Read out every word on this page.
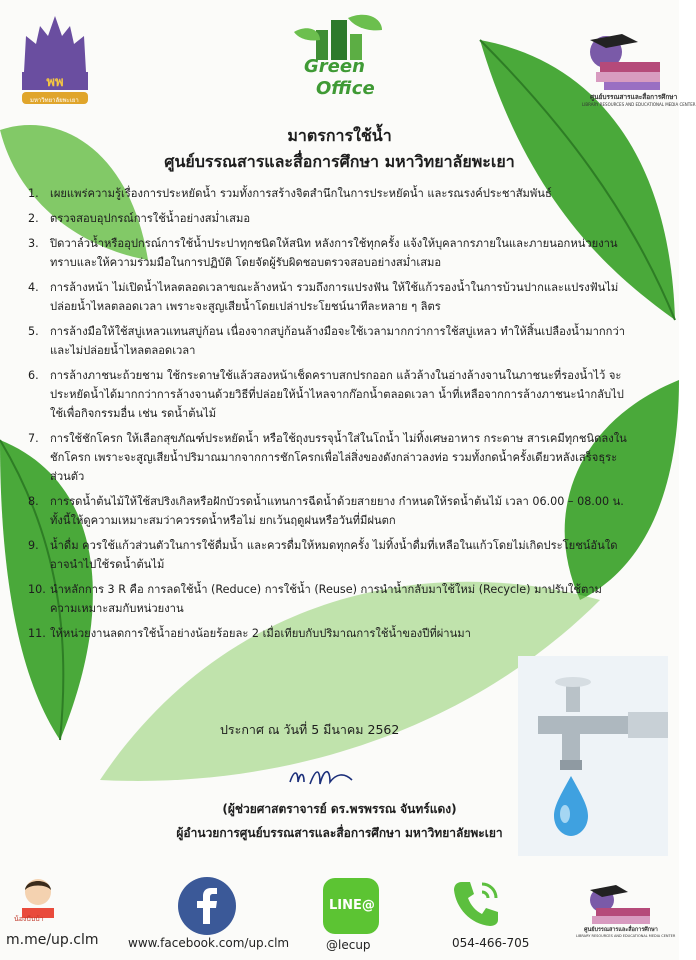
พพ
มหาวิทยาลัยพะเยา
Green
Office	ศูนย์บรรณสารและสื่อการศึกษา
LIBRARY RESOURCES AND EDUCATIONAL MEDIA CENTER
มาตรการใช้น้ำ
ศูนย์บรรณสารและสื่อการศึกษา มหาวิทยาลัยพะเยา
1.	เผยแพร่ความรู้เรื่องการประหยัดน้ำ รวมทั้งการสร้างจิตสำนึกในการประหยัดน้ำ และรณรงค์ประชาสัมพันธ์
2.	ตรวจสอบอุปกรณ์การใช้น้ำอย่างสม่ำเสมอ
3.	ปิดวาล์วน้ำหรืออุปกรณ์การใช้น้ำประปาทุกชนิดให้สนิท หลังการใช้ทุกครั้ง แจ้งให้บุคลากรภายในและภายนอกหน่วยงานทราบและให้ความร่วมมือในการปฏิบัติ โดยจัดผู้รับผิดชอบตรวจสอบอย่างสม่ำเสมอ
4.	การล้างหน้า ไม่เปิดน้ำไหลตลอดเวลาขณะล้างหน้า รวมถึงการแปรงฟัน ให้ใช้แก้วรองน้ำในการบ้วนปากและแปรงฟันไม่ปล่อยน้ำไหลตลอดเวลา เพราะจะสูญเสียน้ำโดยเปล่าประโยชน์นาทีละหลาย ๆ ลิตร
5.	การล้างมือให้ใช้สบู่เหลวแทนสบู่ก้อน เนื่องจากสบู่ก้อนล้างมือจะใช้เวลามากกว่าการใช้สบู่เหลว ทำให้สิ้นเปลืองน้ำมากกว่าและไม่ปล่อยน้ำไหลตลอดเวลา
6.	การล้างภาชนะถ้วยชาม ใช้กระดาษใช้แล้วสองหน้าเช็ดคราบสกปรกออก แล้วล้างในอ่างล้างจานในภาชนะที่รองน้ำไว้ จะประหยัดน้ำได้มากกว่าการล้างจานด้วยวิธีที่ปล่อยให้น้ำไหลจากก๊อกน้ำตลอดเวลา น้ำที่เหลือจากการล้างภาชนะนำกลับไปใช้เพื่อกิจกรรมอื่น เช่น รดน้ำต้นไม้
7.	การใช้ชักโครก ให้เลือกสุขภัณฑ์ประหยัดน้ำ หรือใช้ถุงบรรจุน้ำใส่ในโถน้ำ ไม่ทิ้งเศษอาหาร กระดาษ สารเคมีทุกชนิดลงในชักโครก เพราะจะสูญเสียน้ำปริมาณมากจากการชักโครกเพื่อไล่สิ่งของดังกล่าวลงท่อ รวมทั้งกดน้ำครั้งเดียวหลังเสร็จธุระส่วนตัว
8.	การรดน้ำต้นไม้ให้ใช้สปริงเกิลหรือฝักบัวรดน้ำแทนการฉีดน้ำด้วยสายยาง กำหนดให้รดน้ำต้นไม้ เวลา 06.00 – 08.00 น. ทั้งนี้ให้ดูความเหมาะสมว่าควรรดน้ำหรือไม่ ยกเว้นฤดูฝนหรือวันที่มีฝนตก
9.	น้ำดื่ม ควรใช้แก้วส่วนตัวในการใช้ดื่มน้ำ และควรดื่มให้หมดทุกครั้ง ไม่ทิ้งน้ำดื่มที่เหลือในแก้วโดยไม่เกิดประโยชน์อันใด อาจนำไปใช้รดน้ำต้นไม้
10. นำหลักการ 3 R คือ การลดใช้น้ำ (Reduce) การใช้น้ำ (Reuse) การนำน้ำกลับมาใช้ใหม่ (Recycle) มาปรับใช้ตามความเหมาะสมกับหน่วยงาน
11. ให้หน่วยงานลดการใช้น้ำอย่างน้อยร้อยละ 2 เมื่อเทียบกับปริมาณการใช้น้ำของปีที่ผ่านมา
ประกาศ ณ วันที่ 5 มีนาคม 2562
(ผู้ช่วยศาสตราจารย์ ดร.พรพรรณ จันทร์แดง)
ผู้อำนวยการศูนย์บรรณสารและสื่อการศึกษา มหาวิทยาลัยพะเยา
น้องบีบบ้า
m.me/up.clm www.facebook.com/up.clm
LINE@
@lecup	054-466-705
ศูนย์บรรณสารและสื่อการศึกษา
LIBRARY RESOURCES AND EDUCATIONAL MEDIA CENTER
